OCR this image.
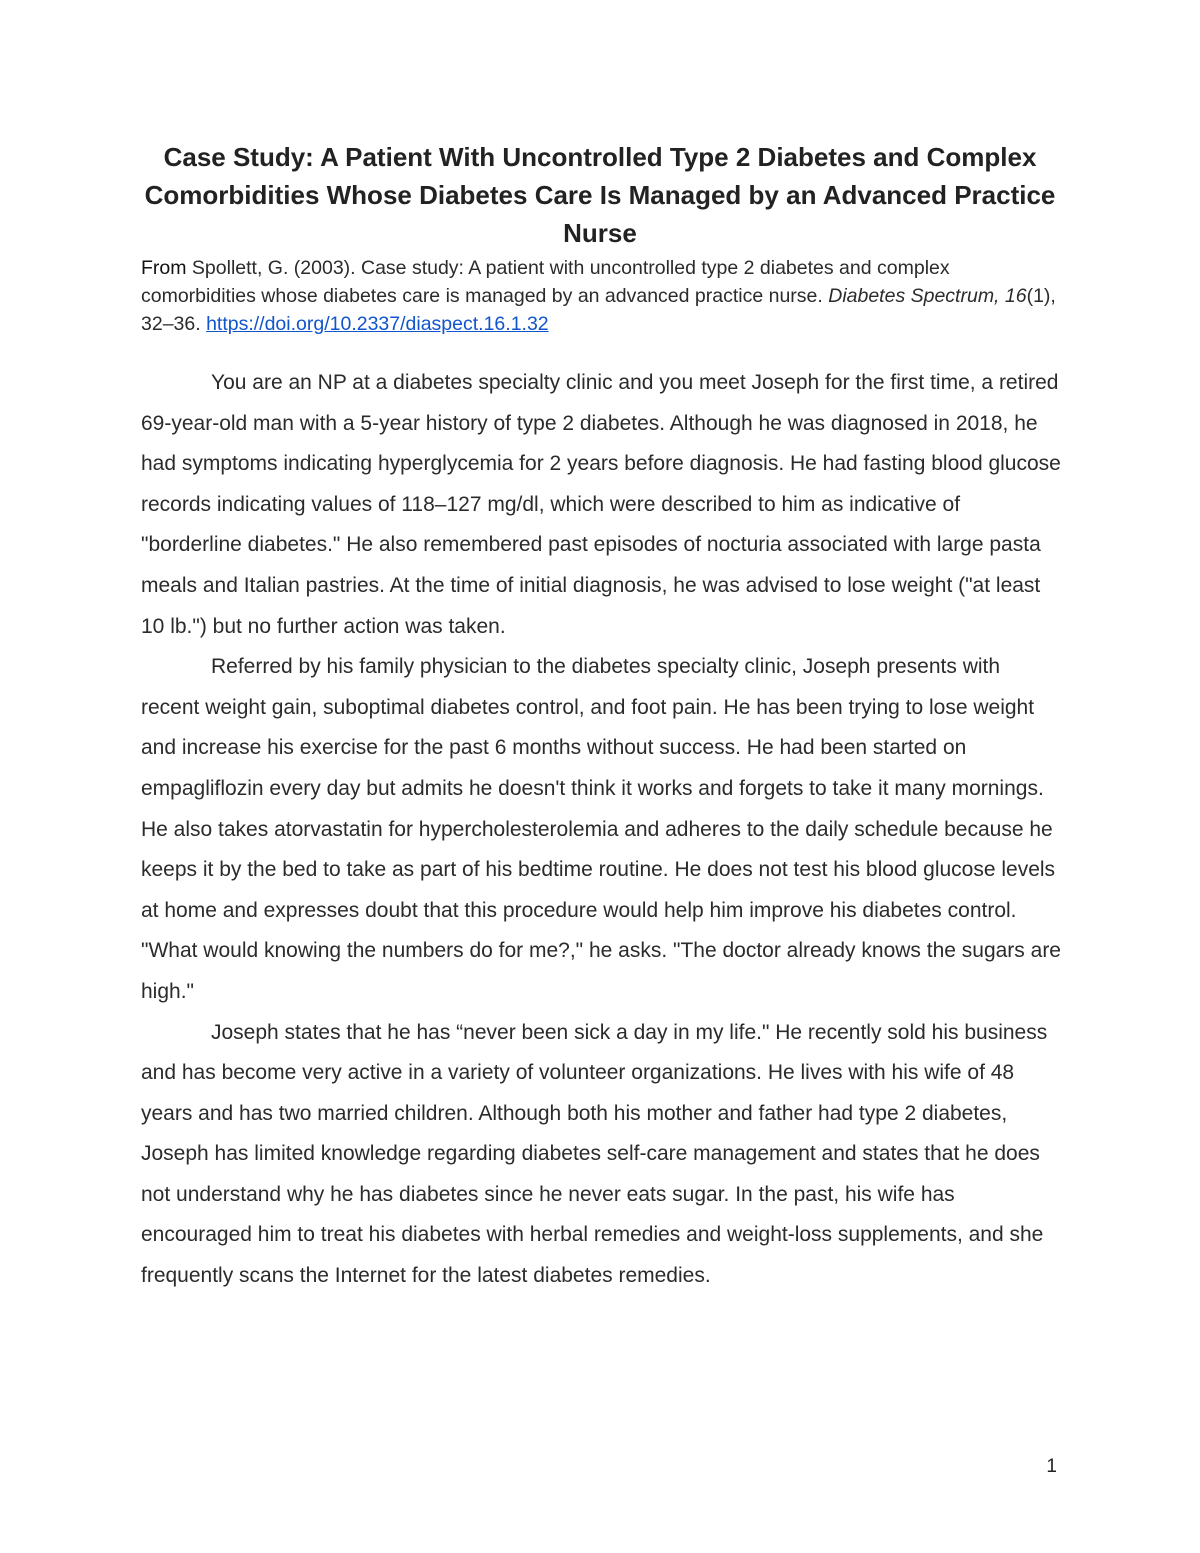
Case Study: A Patient With Uncontrolled Type 2 Diabetes and Complex Comorbidities Whose Diabetes Care Is Managed by an Advanced Practice Nurse

From Spollett, G. (2003). Case study: A patient with uncontrolled type 2 diabetes and complex comorbidities whose diabetes care is managed by an advanced practice nurse. Diabetes Spectrum, 16(1), 32–36. https://doi.org/10.2337/diaspect.16.1.32

You are an NP at a diabetes specialty clinic and you meet Joseph for the first time, a retired 69-year-old man with a 5-year history of type 2 diabetes. Although he was diagnosed in 2018, he had symptoms indicating hyperglycemia for 2 years before diagnosis. He had fasting blood glucose records indicating values of 118–127 mg/dl, which were described to him as indicative of "borderline diabetes." He also remembered past episodes of nocturia associated with large pasta meals and Italian pastries. At the time of initial diagnosis, he was advised to lose weight ("at least 10 lb.") but no further action was taken.

Referred by his family physician to the diabetes specialty clinic, Joseph presents with recent weight gain, suboptimal diabetes control, and foot pain. He has been trying to lose weight and increase his exercise for the past 6 months without success. He had been started on empagliflozin every day but admits he doesn't think it works and forgets to take it many mornings. He also takes atorvastatin for hypercholesterolemia and adheres to the daily schedule because he keeps it by the bed to take as part of his bedtime routine. He does not test his blood glucose levels at home and expresses doubt that this procedure would help him improve his diabetes control. "What would knowing the numbers do for me?," he asks. "The doctor already knows the sugars are high."

Joseph states that he has “never been sick a day in my life." He recently sold his business and has become very active in a variety of volunteer organizations. He lives with his wife of 48 years and has two married children. Although both his mother and father had type 2 diabetes, Joseph has limited knowledge regarding diabetes self-care management and states that he does not understand why he has diabetes since he never eats sugar. In the past, his wife has encouraged him to treat his diabetes with herbal remedies and weight-loss supplements, and she frequently scans the Internet for the latest diabetes remedies.

1
